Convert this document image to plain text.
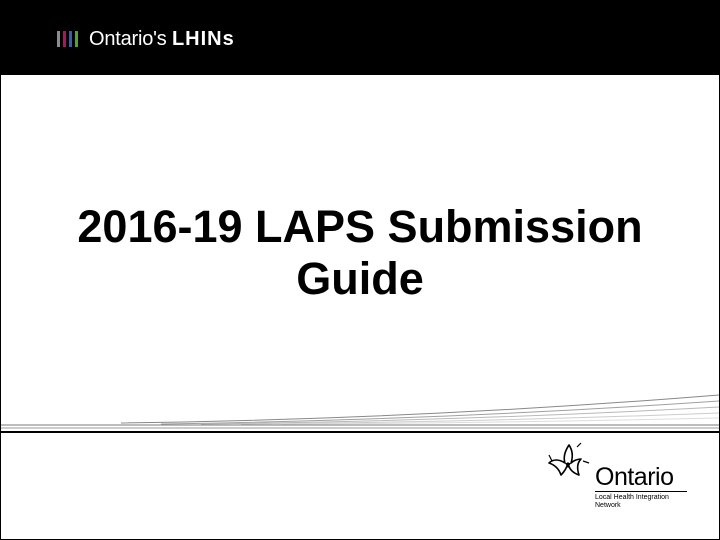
Ontario's LHINs
2016-19 LAPS Submission
Guide
Ontario
Local Health Integration Network
